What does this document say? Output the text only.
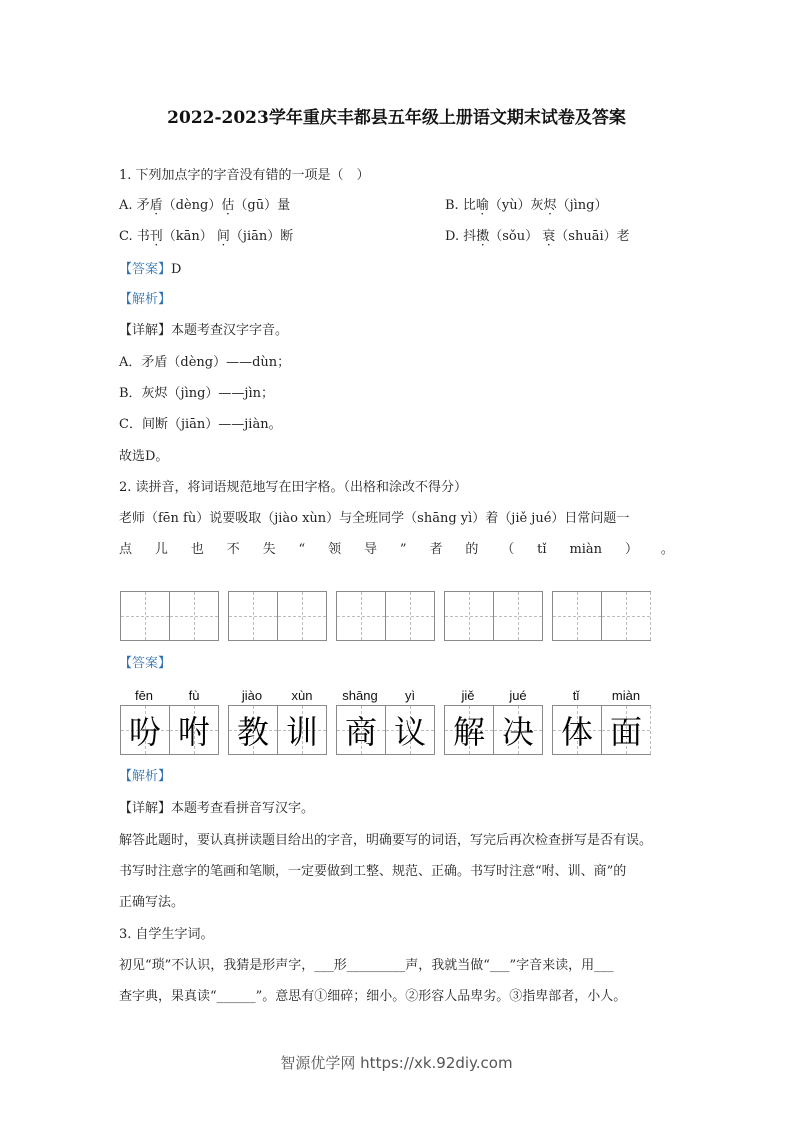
2022-2023学年重庆丰都县五年级上册语文期末试卷及答案
1. 下列加点字的字音没有错的一项是（　）
A. 矛盾（dèng）估（gū）量	B. 比喻（yù）灰烬（jìng）
C. 书刊（kān） 间（jiān）断	D. 抖擞（sǒu） 衰（shuāi）老
【答案】D
【解析】
【详解】本题考查汉字字音。
A．矛盾（dèng）——dùn；
B．灰烬（jìng）——jìn；
C．间断（jiān）——jiàn。
故选D。
2. 读拼音，将词语规范地写在田字格。（出格和涂改不得分）
老师（fēn fù）说要吸取（jiào xùn）与全班同学（shāng yì）着（jiě jué）日常问题一
点 儿 也 不 失 “ 领 导 ” 者 的 （ tǐ miàn ） 。
【答案】
fēn	fù	jiào	xùn	shāng	yì	jiě	jué	tǐ	miàn
吩 咐 教 训 商 议 解 决 体 面
【解析】
【详解】本题考查看拼音写汉字。
解答此题时，要认真拼读题目给出的字音，明确要写的词语，写完后再次检查拼写是否有误。
书写时注意字的笔画和笔顺，一定要做到工整、规范、正确。书写时注意“咐、训、商”的
正确写法。
3. 自学生字词。
初见“琐”不认识，我猜是形声字，___形_________声，我就当做“___”字音来读，用___
查字典，果真读“______”。意思有①细碎；细小。②形容人品卑劣。③指卑部者，小人。
智源优学网 https://xk.92diy.com
